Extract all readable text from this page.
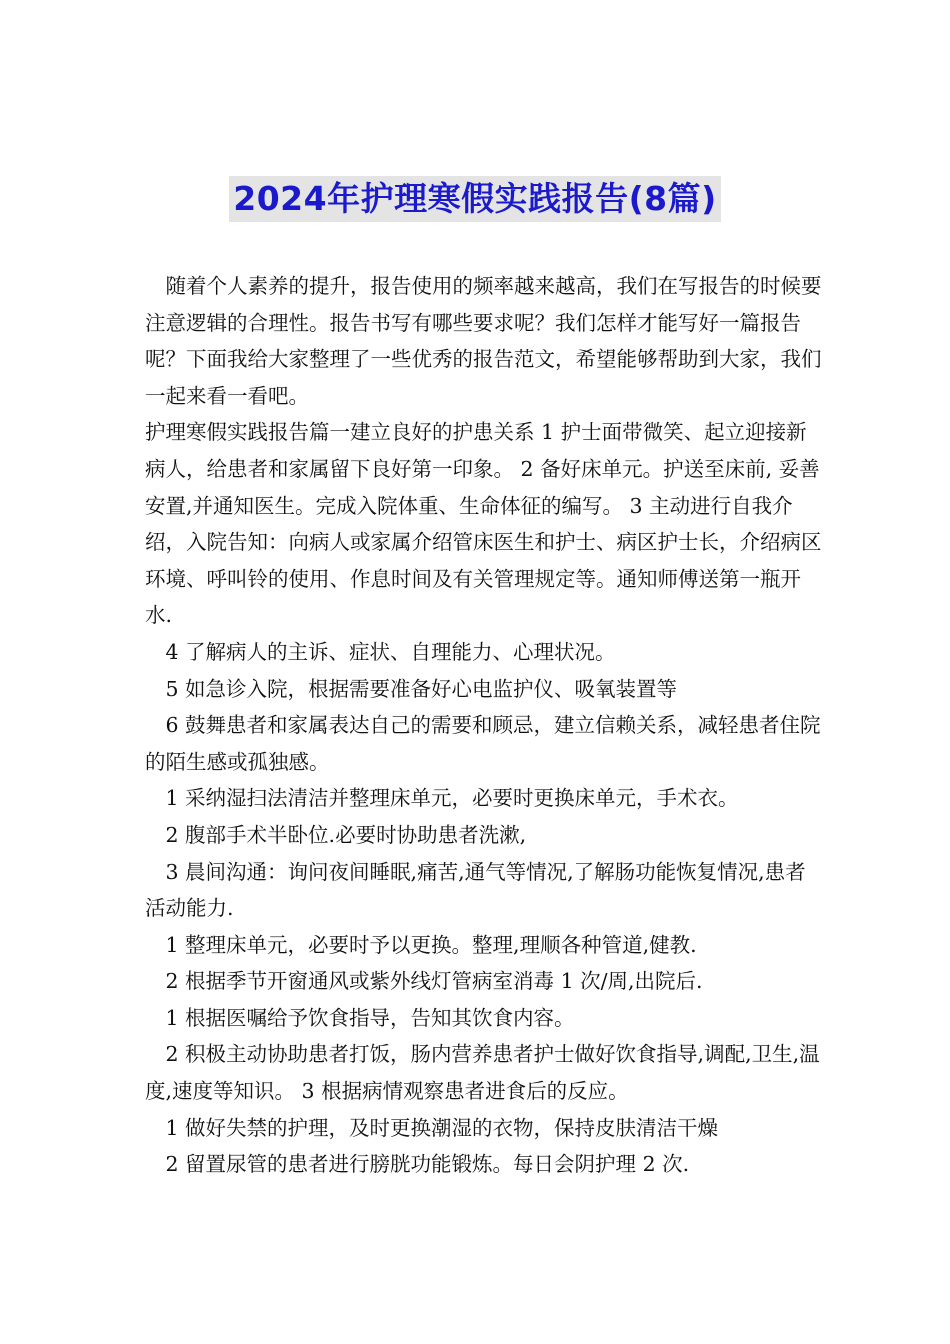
2024年护理寒假实践报告(8篇)

　随着个人素养的提升，报告使用的频率越来越高，我们在写报告的时候要注意逻辑的合理性。报告书写有哪些要求呢？我们怎样才能写好一篇报告呢？下面我给大家整理了一些优秀的报告范文，希望能够帮助到大家，我们一起来看一看吧。

护理寒假实践报告篇一建立良好的护患关系 1 护士面带微笑、起立迎接新病人，给患者和家属留下良好第一印象。 2 备好床单元。护送至床前, 妥善安置,并通知医生。完成入院体重、生命体征的编写。 3 主动进行自我介绍，入院告知：向病人或家属介绍管床医生和护士、病区护士长，介绍病区环境、呼叫铃的使用、作息时间及有关管理规定等。通知师傅送第一瓶开水.

　4 了解病人的主诉、症状、自理能力、心理状况。

　5 如急诊入院，根据需要准备好心电监护仪、吸氧装置等

　6 鼓舞患者和家属表达自己的需要和顾忌，建立信赖关系，减轻患者住院的陌生感或孤独感。

　1 采纳湿扫法清洁并整理床单元，必要时更换床单元，手术衣。

　2 腹部手术半卧位.必要时协助患者洗漱,

　3 晨间沟通：询问夜间睡眠,痛苦,通气等情况,了解肠功能恢复情况,患者活动能力.

　1 整理床单元，必要时予以更换。整理,理顺各种管道,健教.

　2 根据季节开窗通风或紫外线灯管病室消毒 1 次/周,出院后.

　1 根据医嘱给予饮食指导，告知其饮食内容。

　2 积极主动协助患者打饭，肠内营养患者护士做好饮食指导,调配,卫生,温度,速度等知识。 3 根据病情观察患者进食后的反应。

　1 做好失禁的护理，及时更换潮湿的衣物，保持皮肤清洁干燥

　2 留置尿管的患者进行膀胱功能锻炼。每日会阴护理 2 次.
